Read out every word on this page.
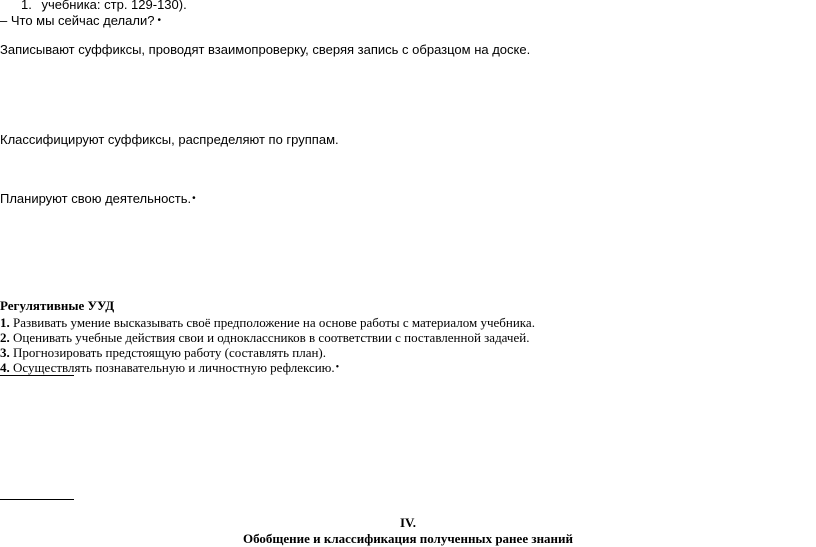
1. учебника: стр. 129-130).
– Что мы сейчас делали? •
Записывают суффиксы, проводят взаимопроверку, сверяя запись с образцом на доске.
Классифицируют суффиксы, распределяют по группам.
Планируют свою деятельность.•
Регулятивные УУД
1. Развивать умение высказывать своё предположение на основе работы с материалом учебника.
2. Оценивать учебные действия свои и одноклассников в соответствии с поставленной задачей.
3. Прогнозировать предстоящую работу (составлять план).
4. Осуществлять познавательную и личностную рефлексию.•
IV.
Обобщение и классификация полученных ранее знаний
